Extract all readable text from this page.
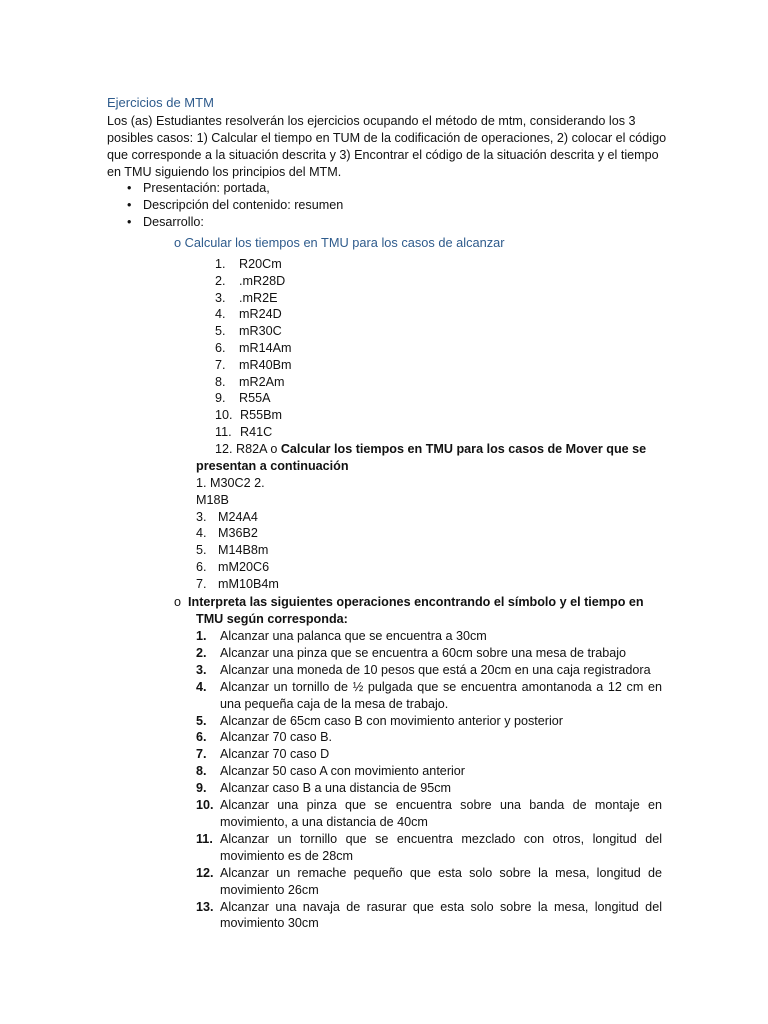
Ejercicios de MTM

Los (as) Estudiantes resolverán los ejercicios ocupando el método de mtm, considerando los 3 posibles casos: 1) Calcular el tiempo en TUM de la codificación de operaciones, 2) colocar el código que corresponde a la situación descrita y 3) Encontrar el código de la situación descrita y el tiempo en TMU siguiendo los principios del MTM.

• Presentación: portada,
• Descripción del contenido: resumen
• Desarrollo:
o Calcular los tiempos en TMU para los casos de alcanzar
1. R20Cm
2. .mR28D
3. .mR2E
4. mR24D
5. mR30C
6. mR14Am
7. mR40Bm
8. mR2Am
9. R55A
10. R55Bm
11. R41C
12. R82A o Calcular los tiempos en TMU para los casos de Mover que se
presentan a continuación
1. M30C2 2.
M18B
3. M24A4
4. M36B2
5. M14B8m
6. mM20C6
7. mM10B4m
o Interpreta las siguientes operaciones encontrando el símbolo y el tiempo en
TMU según corresponda:
1.	Alcanzar una palanca que se encuentra a 30cm
2.	Alcanzar una pinza que se encuentra a 60cm sobre una mesa de trabajo
3.	Alcanzar una moneda de 10 pesos que está a 20cm en una caja registradora
4.	Alcanzar un tornillo de ½ pulgada que se encuentra amontanoda a 12 cm en una pequeña caja de la mesa de trabajo.
5.	Alcanzar de 65cm caso B con movimiento anterior y posterior
6.	Alcanzar 70 caso B.
7.	Alcanzar 70 caso D
8.	Alcanzar 50 caso A con movimiento anterior
9.	Alcanzar caso B a una distancia de 95cm
10. Alcanzar una pinza que se encuentra sobre una banda de montaje en movimiento, a una distancia de 40cm
11. Alcanzar un tornillo que se encuentra mezclado con otros, longitud del movimiento es de 28cm
12. Alcanzar un remache pequeño que esta solo sobre la mesa, longitud de movimiento 26cm
13. Alcanzar una navaja de rasurar que esta solo sobre la mesa, longitud del movimiento 30cm
